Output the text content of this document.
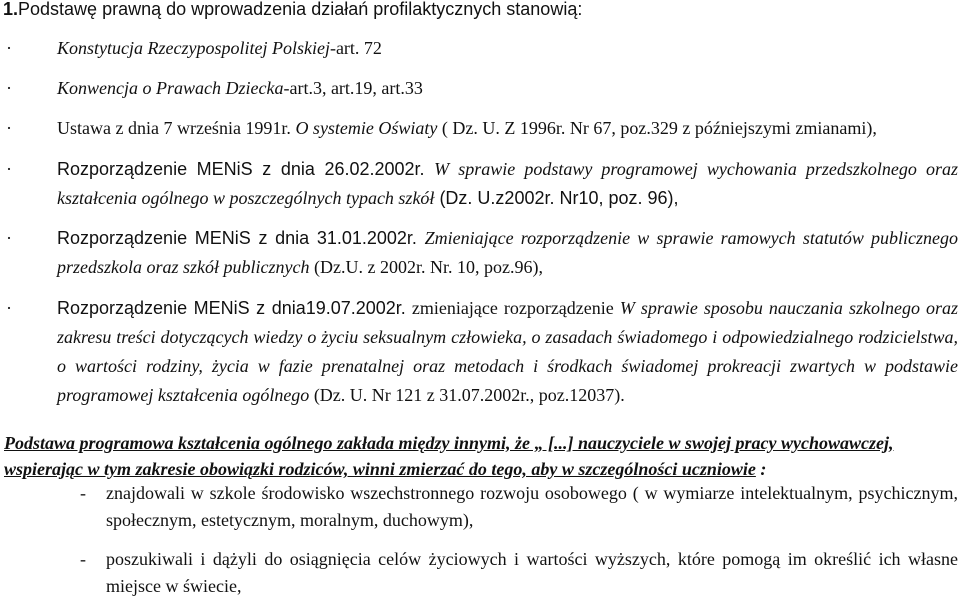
1.Podstawę prawną do wprowadzenia działań profilaktycznych stanowią:
·	Konstytucja Rzeczypospolitej Polskiej-art. 72
·	Konwencja o Prawach Dziecka-art.3, art.19, art.33
·	Ustawa z dnia 7 września 1991r. O systemie Oświaty ( Dz. U. Z 1996r. Nr 67, poz.329 z późniejszymi zmianami),
·	Rozporządzenie MENiS z dnia 26.02.2002r. W sprawie podstawy programowej wychowania przedszkolnego oraz kształcenia ogólnego w poszczególnych typach szkół (Dz. U.z2002r. Nr10, poz. 96),
·	Rozporządzenie MENiS z dnia 31.01.2002r. Zmieniające rozporządzenie w sprawie ramowych statutów publicznego przedszkola oraz szkół publicznych (Dz.U. z 2002r. Nr. 10, poz.96),
·	Rozporządzenie MENiS z dnia19.07.2002r. zmieniające rozporządzenie W sprawie sposobu nauczania szkolnego oraz zakresu treści dotyczących wiedzy o życiu seksualnym człowieka, o zasadach świadomego i odpowiedzialnego rodzicielstwa, o wartości rodziny, życia w fazie prenatalnej oraz metodach i środkach świadomej prokreacji zwartych w podstawie programowej kształcenia ogólnego (Dz. U. Nr 121 z 31.07.2002r., poz.12037).
Podstawa programowa kształcenia ogólnego zakłada między innymi, że „ [...] nauczyciele w swojej pracy wychowawczej, wspierając w tym zakresie obowiązki rodziców, winni zmierzać do tego, aby w szczególności uczniowie :
- znajdowali w szkole środowisko wszechstronnego rozwoju osobowego ( w wymiarze intelektualnym, psychicznym, społecznym, estetycznym, moralnym, duchowym),
- poszukiwali i dążyli do osiągnięcia celów życiowych i wartości wyższych, które pomogą im określić ich własne miejsce w świecie,
